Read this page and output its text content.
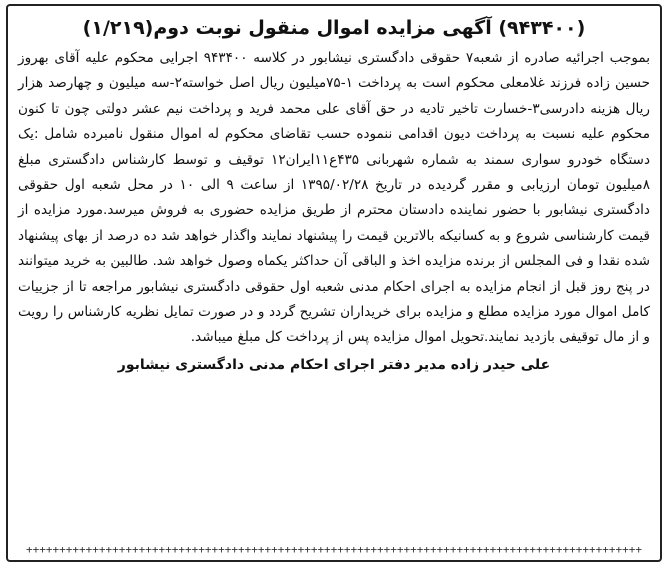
(۹۴۳۴۰۰) آگهی مزایده اموال منقول نوبت دوم(۱/۲۱۹)

بموجب اجرائیه صادره از شعبه۷ حقوقی دادگستری نیشابور در کلاسه ۹۴۳۴۰۰ اجرایی محکوم علیه آقای بهروز حسین زاده فرزند غلامعلی محکوم است به پرداخت ۱-۷۵میلیون ریال اصل خواسته۲-سه میلیون و چهارصد هزار ریال هزینه دادرسی۳-خسارت تاخیر تادیه در حق آقای علی محمد فرید و پرداخت نیم عشر دولتی چون تا کنون محکوم علیه نسبت به پرداخت دیون اقدامی ننموده حسب تقاضای محکوم له اموال منقول نامبرده شامل :یک دستگاه خودرو سواری سمند به شماره شهربانی ۴۳۵ع۱۱ایران۱۲ توقیف و توسط کارشناس دادگستری مبلغ ۸میلیون تومان ارزیابی و مقرر گردیده در تاریخ ۱۳۹۵/۰۲/۲۸ از ساعت ۹ الی ۱۰ در محل شعبه اول حقوقی دادگستری نیشابور با حضور نماینده دادستان محترم از طریق مزایده حضوری به فروش میرسد.مورد مزایده از قیمت کارشناسی شروع و به کسانیکه بالاترین قیمت را پیشنهاد نمایند واگذار خواهد شد ده درصد از بهای پیشنهاد شده نقدا و فی المجلس از برنده مزایده اخذ و الباقی آن حداکثر یکماه وصول خواهد شد. طالبین به خرید میتوانند در پنج روز قبل از انجام مزایده به اجرای احکام مدنی شعبه اول حقوقی دادگستری نیشابور مراجعه تا از جزییات کامل اموال مورد مزایده مطلع و مزایده برای خریداران تشریح گردد و در صورت تمایل نظریه کارشناس را رویت و از مال توقیفی بازدید نمایند.تحویل اموال مزایده پس از پرداخت کل مبلغ میباشد.

علی حیدر زاده مدیر دفتر اجرای احکام مدنی دادگستری نیشابور
+++++++++++++++++++++++++++++++++++++++++++++++++++++++++++++++++++++++++++++++++++++++++++++
